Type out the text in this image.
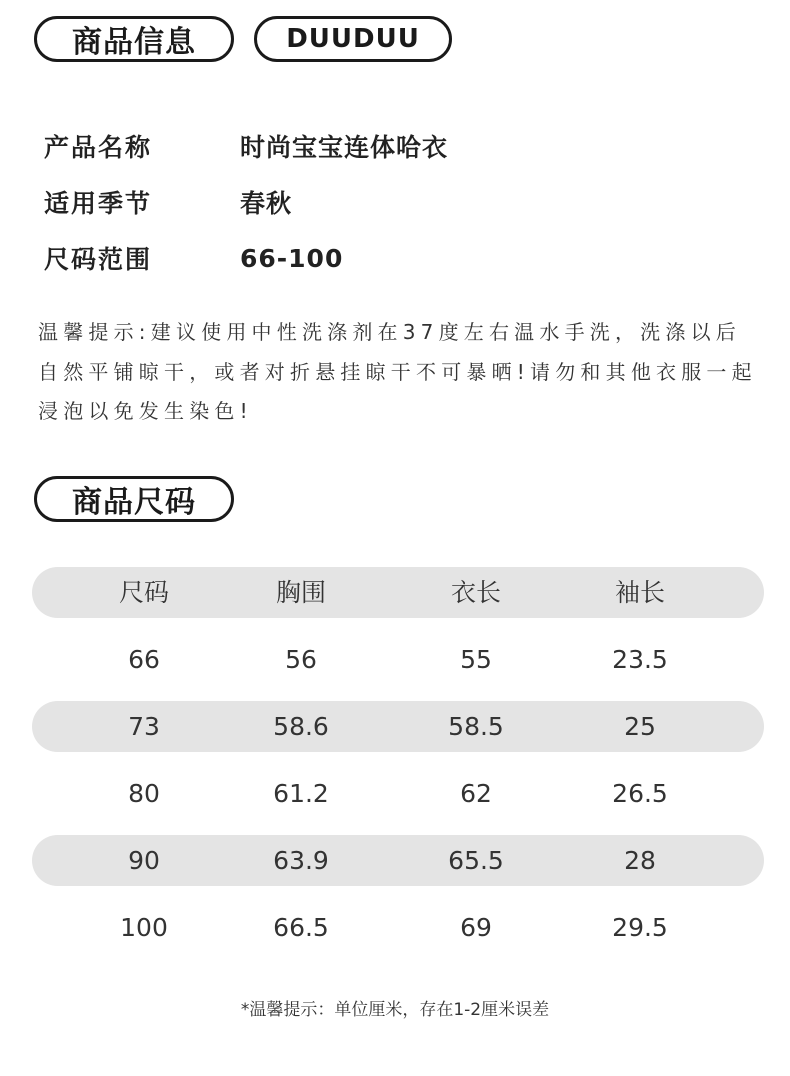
商品信息	DUUDUU
产品名称	时尚宝宝连体哈衣
适用季节	春秋
尺码范围	66-100

温馨提示:建议使用中性洗涤剂在37度左右温水手洗，洗涤以后自然平铺晾干，或者对折悬挂晾干不可暴晒!请勿和其他衣服一起浸泡以免发生染色!

商品尺码
尺码	胸围	衣长	袖长
66	56	55	23.5
73	58.6	58.5	25
80	61.2	62	26.5
90	63.9	65.5	28
100	66.5	69	29.5
*温馨提示：单位厘米，存在1-2厘米误差
